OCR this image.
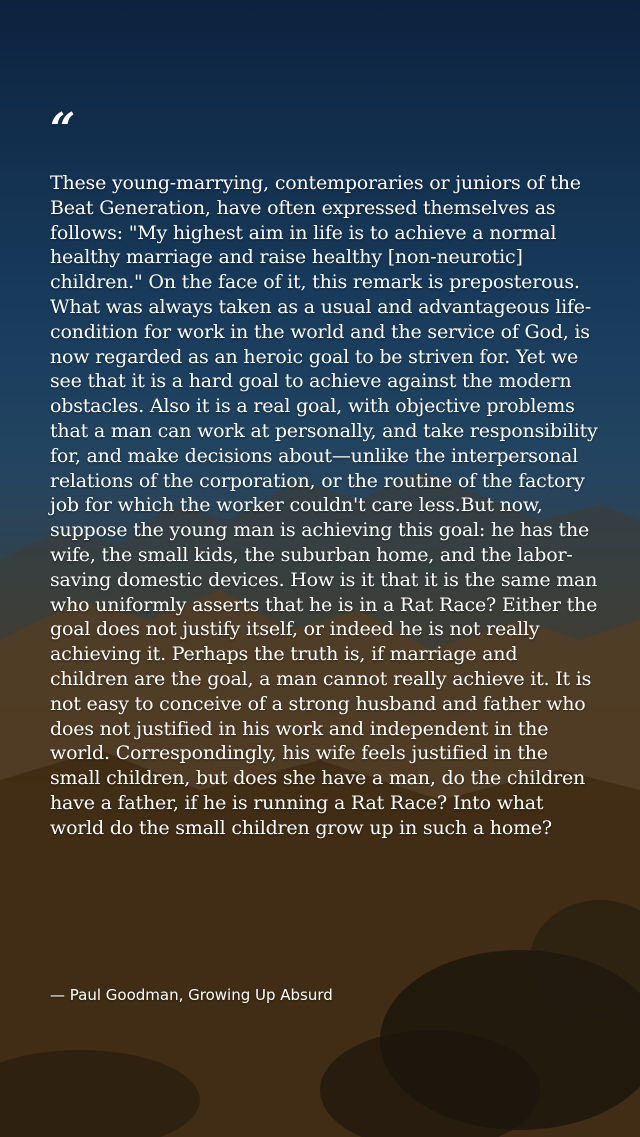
“

These young-marrying, contemporaries or juniors of the Beat Generation, have often expressed themselves as follows: "My highest aim in life is to achieve a normal healthy marriage and raise healthy [non-neurotic] children." On the face of it, this remark is preposterous. What was always taken as a usual and advantageous life-condition for work in the world and the service of God, is now regarded as an heroic goal to be striven for. Yet we see that it is a hard goal to achieve against the modern obstacles. Also it is a real goal, with objective problems that a man can work at personally, and take responsibility for, and make decisions about—unlike the interpersonal relations of the corporation, or the routine of the factory job for which the worker couldn't care less.But now, suppose the young man is achieving this goal: he has the wife, the small kids, the suburban home, and the labor-saving domestic devices. How is it that it is the same man who uniformly asserts that he is in a Rat Race? Either the goal does not justify itself, or indeed he is not really achieving it. Perhaps the truth is, if marriage and children are the goal, a man cannot really achieve it. It is not easy to conceive of a strong husband and father who does not justified in his work and independent in the world. Correspondingly, his wife feels justified in the small children, but does she have a man, do the children have a father, if he is running a Rat Race? Into what world do the small children grow up in such a home?

— Paul Goodman, Growing Up Absurd
